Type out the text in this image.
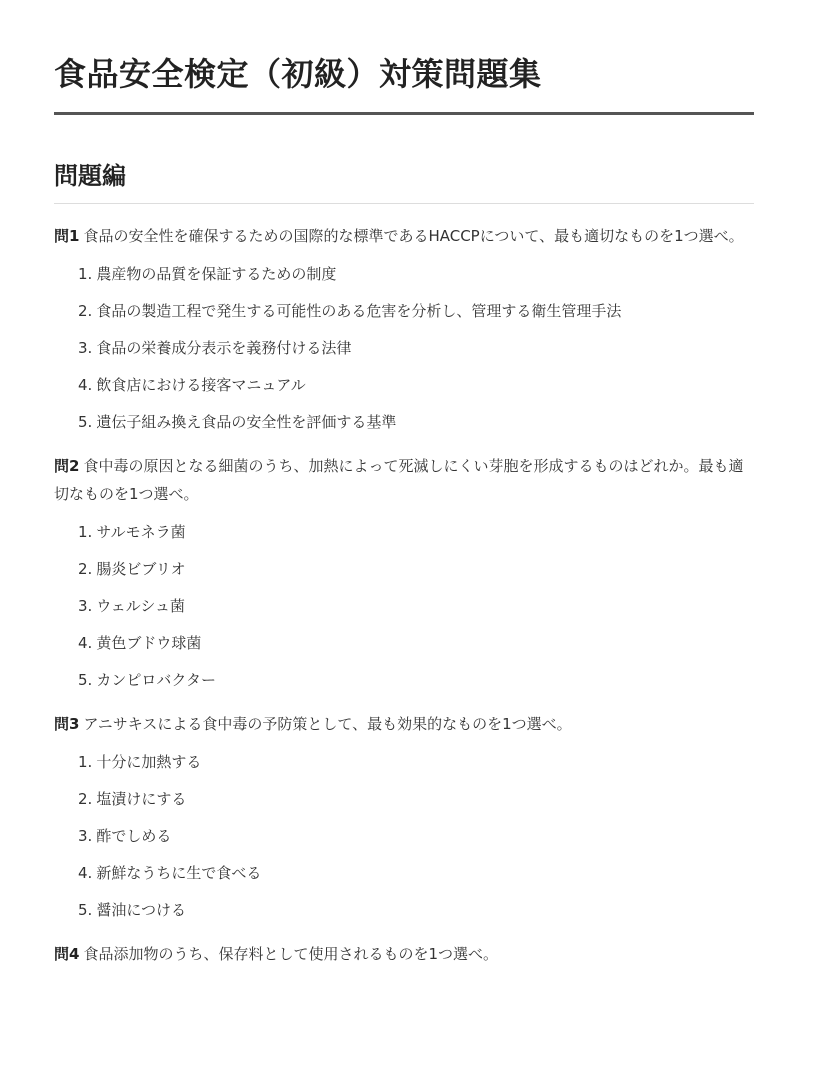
食品安全検定（初級）対策問題集
問題編

問1 食品の安全性を確保するための国際的な標準であるHACCPについて、最も適切なものを1つ選べ。

1. 農産物の品質を保証するための制度
2. 食品の製造工程で発生する可能性のある危害を分析し、管理する衛生管理手法
3. 食品の栄養成分表示を義務付ける法律
4. 飲食店における接客マニュアル
5. 遺伝子組み換え食品の安全性を評価する基準

問2 食中毒の原因となる細菌のうち、加熱によって死滅しにくい芽胞を形成するものはどれか。最も適切なものを1つ選べ。

1. サルモネラ菌
2. 腸炎ビブリオ
3. ウェルシュ菌
4. 黄色ブドウ球菌
5. カンピロバクター

問3 アニサキスによる食中毒の予防策として、最も効果的なものを1つ選べ。

1. 十分に加熱する
2. 塩漬けにする
3. 酢でしめる
4. 新鮮なうちに生で食べる
5. 醤油につける

問4 食品添加物のうち、保存料として使用されるものを1つ選べ。
